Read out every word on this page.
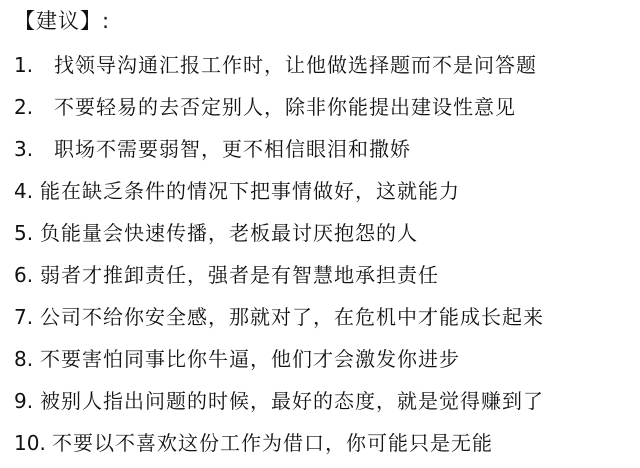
【建议】:
1. 找领导沟通汇报工作时，让他做选择题而不是问答题
2. 不要轻易的去否定别人，除非你能提出建设性意见
3. 职场不需要弱智，更不相信眼泪和撒娇
4. 能在缺乏条件的情况下把事情做好，这就能力
5. 负能量会快速传播，老板最讨厌抱怨的人
6. 弱者才推卸责任，强者是有智慧地承担责任
7. 公司不给你安全感，那就对了，在危机中才能成长起来
8. 不要害怕同事比你牛逼，他们才会激发你进步
9. 被别人指出问题的时候，最好的态度，就是觉得赚到了
10. 不要以不喜欢这份工作为借口，你可能只是无能
